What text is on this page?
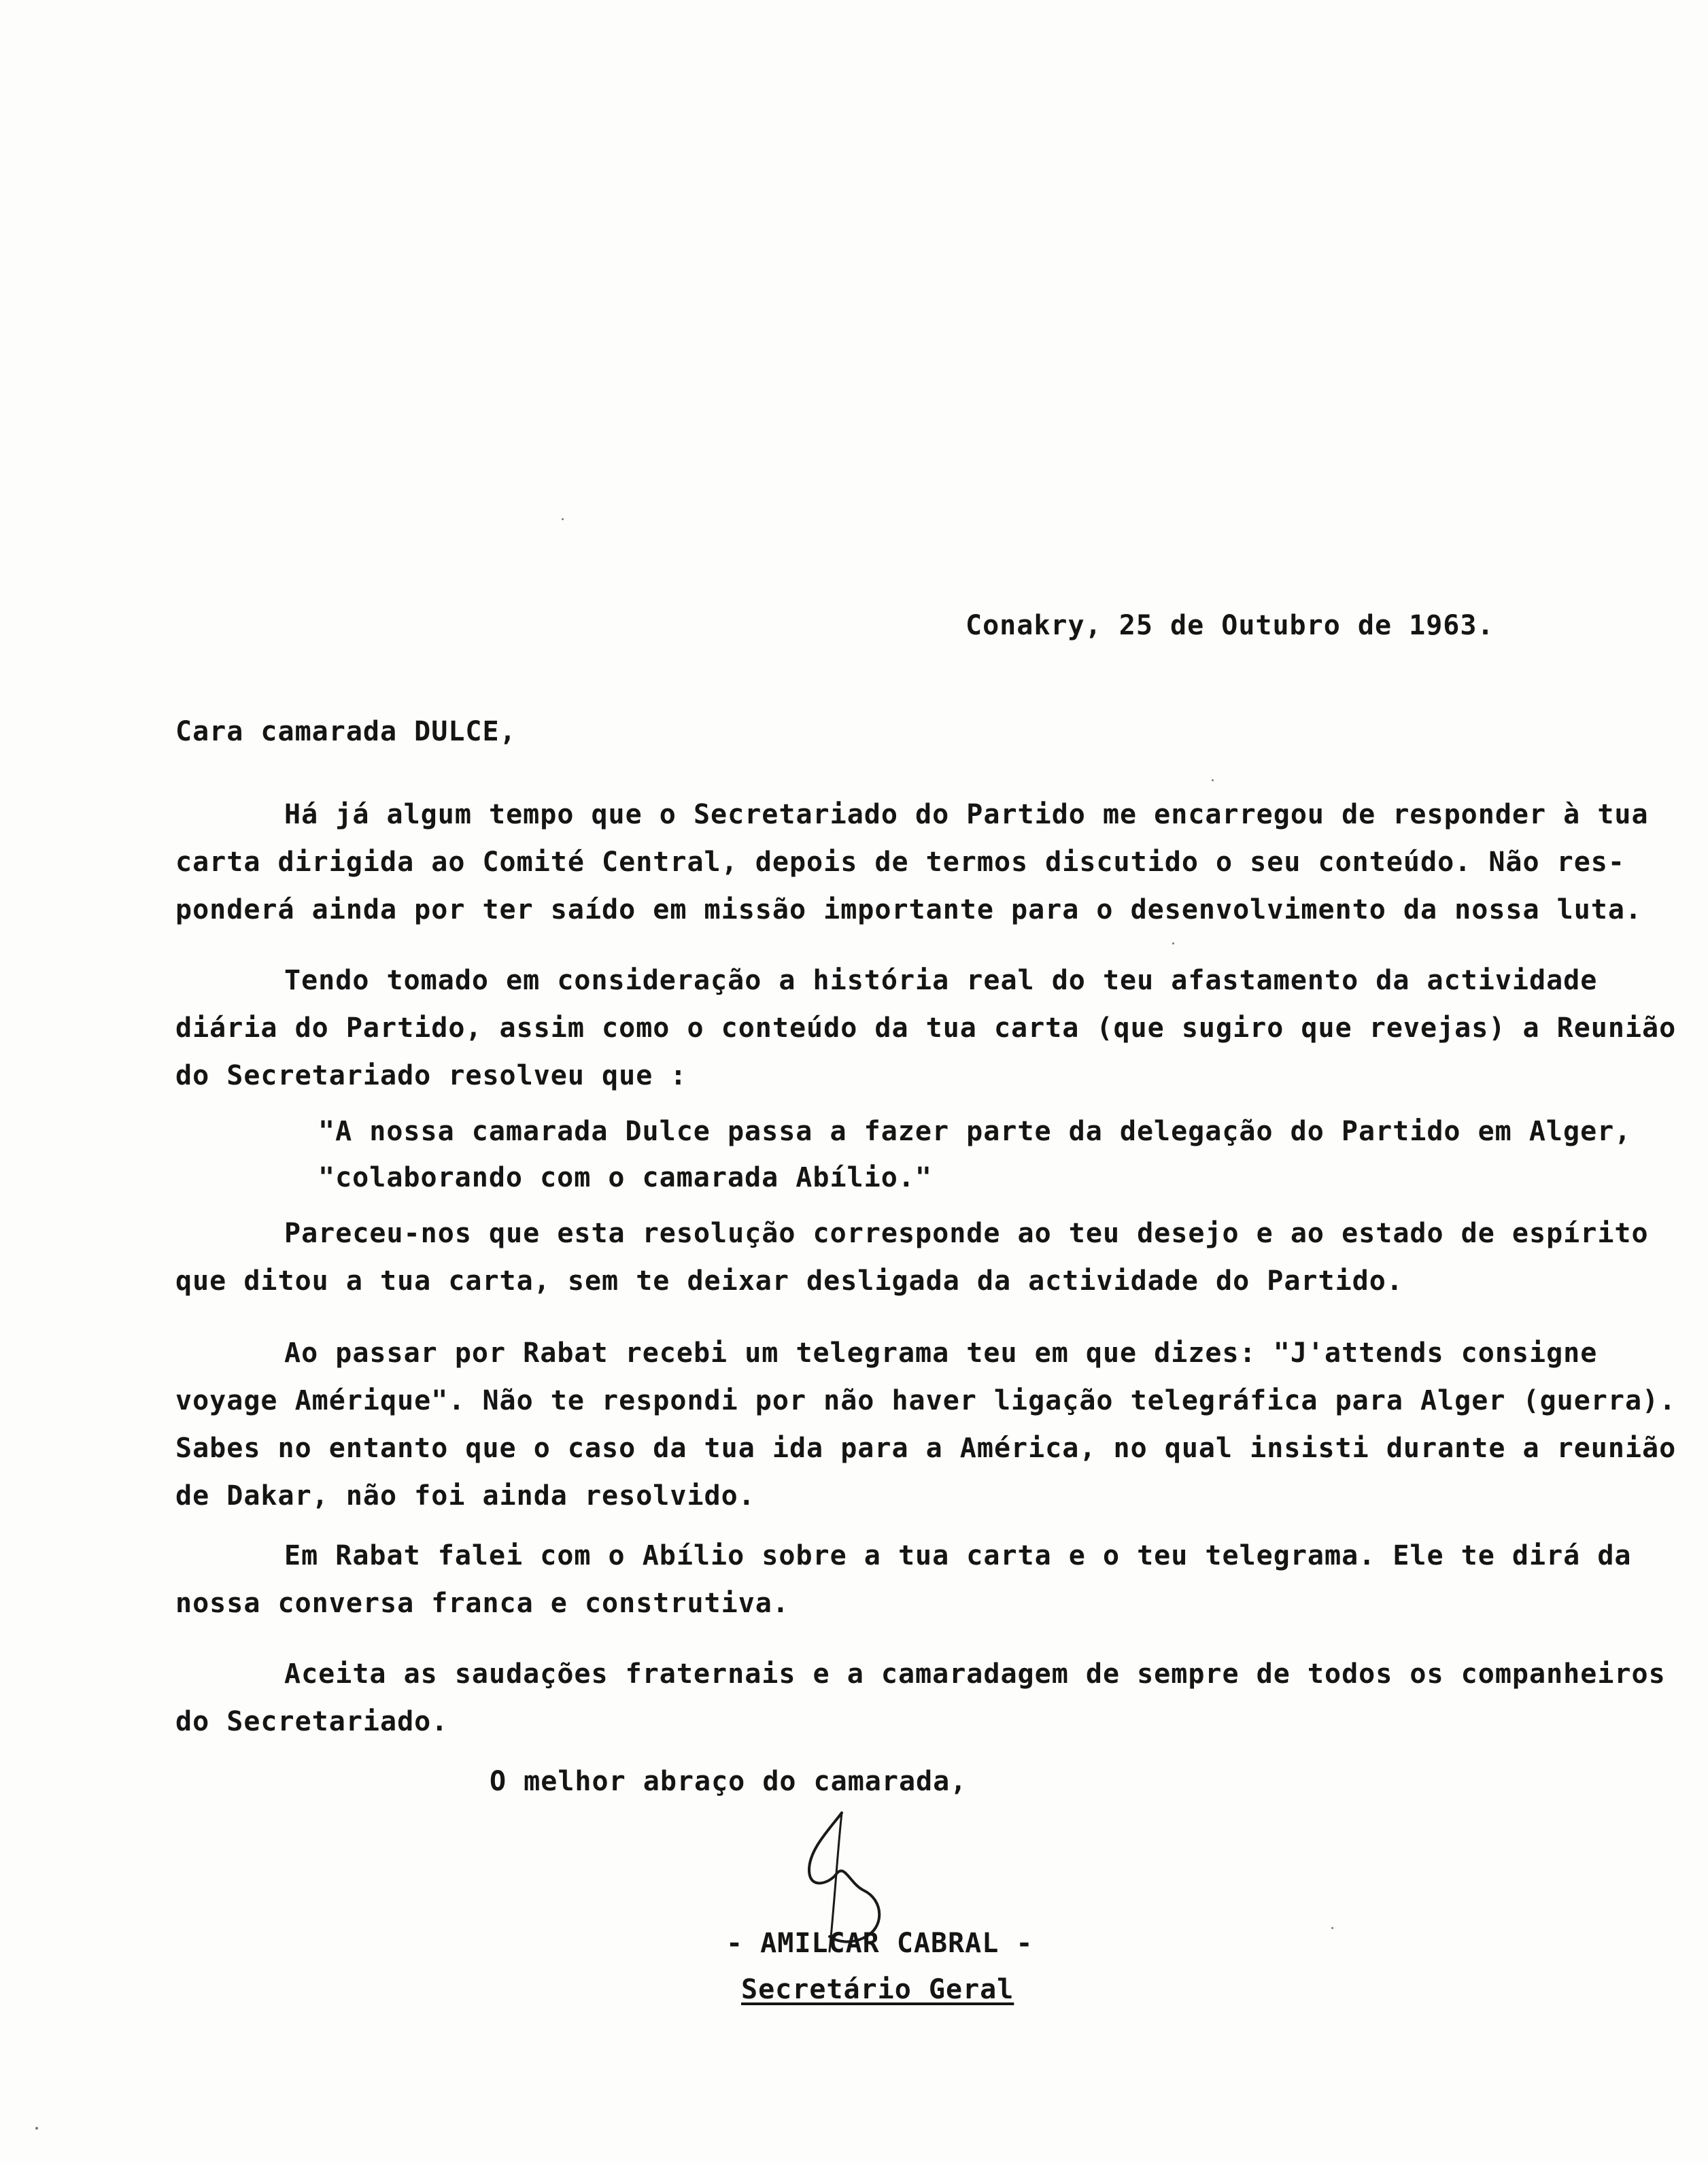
Conakry, 25 de Outubro de 1963.
Cara camarada DULCE,
Há já algum tempo que o Secretariado do Partido me encarregou de responder à tua
carta dirigida ao Comité Central, depois de termos discutido o seu conteúdo. Não res-
ponderá ainda por ter saído em missão importante para o desenvolvimento da nossa luta.
Tendo tomado em consideração a história real do teu afastamento da actividade
diária do Partido, assim como o conteúdo da tua carta (que sugiro que revejas) a Reunião
do Secretariado resolveu que :
"A nossa camarada Dulce passa a fazer parte da delegação do Partido em Alger,
"colaborando com o camarada Abílio."
Pareceu-nos que esta resolução corresponde ao teu desejo e ao estado de espírito
que ditou a tua carta, sem te deixar desligada da actividade do Partido.
Ao passar por Rabat recebi um telegrama teu em que dizes: "J'attends consigne
voyage Amérique". Não te respondi por não haver ligação telegráfica para Alger (guerra).
Sabes no entanto que o caso da tua ida para a América, no qual insisti durante a reunião
de Dakar, não foi ainda resolvido.
Em Rabat falei com o Abílio sobre a tua carta e o teu telegrama. Ele te dirá da
nossa conversa franca e construtiva.
Aceita as saudações fraternais e a camaradagem de sempre de todos os companheiros
do Secretariado.
O melhor abraço do camarada,
- AMILCAR CABRAL -
Secretário Geral
